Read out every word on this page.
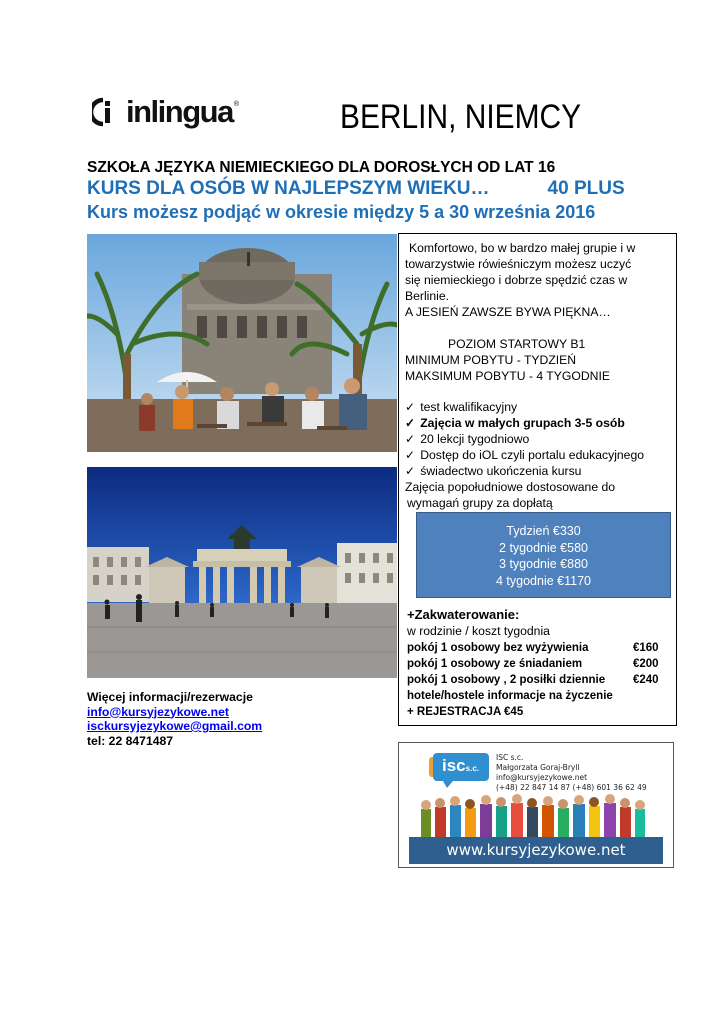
inlingua ®	BERLIN, NIEMCY
SZKOŁA JĘZYKA NIEMIECKIEGO DLA DOROSŁYCH OD LAT 16
KURS DLA OSÓB W NAJLEPSZYM WIEKU…	40 PLUS
Kurs możesz podjąć w okresie między 5 a 30 września 2016
Komfortowo, bo w bardzo małej grupie i w
towarzystwie rówieśniczym możesz uczyć
się niemieckiego i dobrze spędzić czas w
Berlinie.
A JESIEŃ ZAWSZE BYWA PIĘKNA…
POZIOM STARTOWY B1
MINIMUM POBYTU - TYDZIEŃ
MAKSIMUM POBYTU - 4 TYGODNIE
✓ test kwalifikacyjny
✓ Zajęcia w małych grupach 3-5 osób
✓ 20 lekcji tygodniowo
✓ Dostęp do iOL czyli portalu edukacyjnego
✓ świadectwo ukończenia kursu
Zajęcia popołudniowe dostosowane do
wymagań grupy za dopłatą
+Zakwaterowanie:
w rodzinie / koszt tygodnia
pokój 1 osobowy bez wyżywienia	€160
pokój 1 osobowy ze śniadaniem	€200
pokój 1 osobowy , 2 posiłki dziennie €240
hotele/hostele informacje na życzenie
+ REJESTRACJA €45
Tydzień €330
2 tygodnie €580
3 tygodnie €880
4 tygodnie €1170
Więcej informacji/rezerwacje
info@kursyjezykowe.net
isckursyjezykowe@gmail.com
tel: 22 8471487
iscs.c.
ISC s.c.
Małgorzata Goraj-Bryll
info@kursyjezykowe.net
(+48) 22 847 14 87 (+48) 601 36 62 49
www.kursyjezykowe.net
